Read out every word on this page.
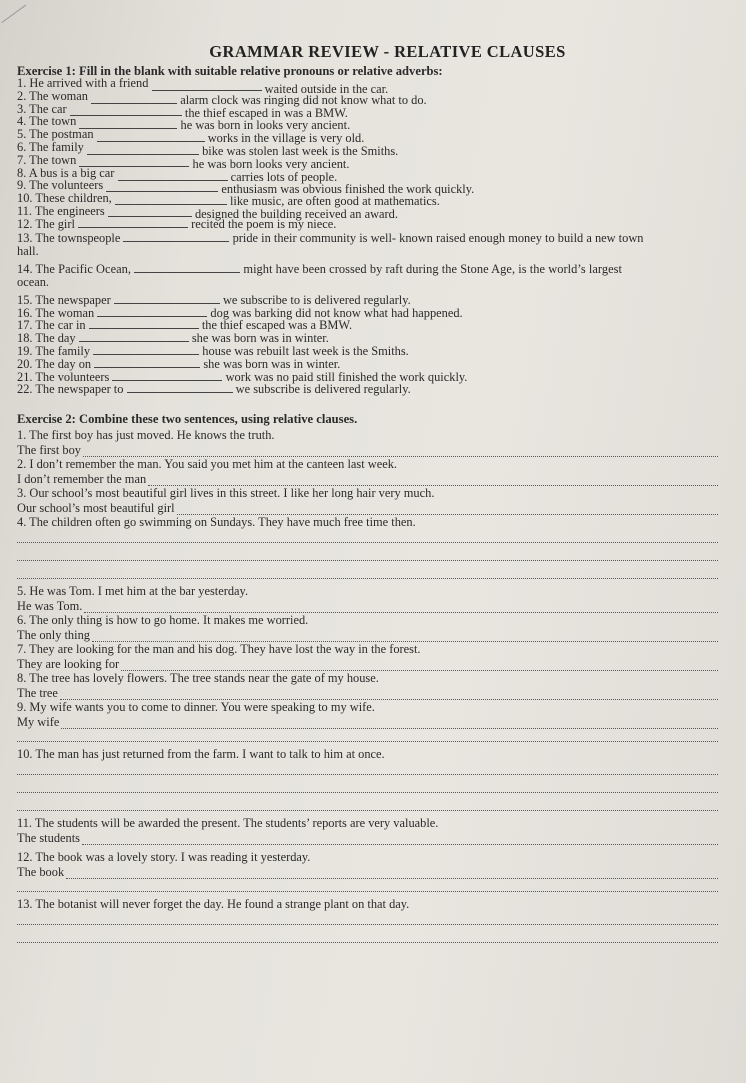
GRAMMAR REVIEW - RELATIVE CLAUSES

Exercise 1: Fill in the blank with suitable relative pronouns or relative adverbs:

1. He arrived with a friend	waited outside in the car.
2. The woman	alarm clock was ringing did not know what to do.
3. The car	the thief escaped in was a BMW.
4. The town	he was born in looks very ancient.
5. The postman	works in the village is very old.
6. The family	bike was stolen last week is the Smiths.
7. The town	he was born looks very ancient.
8. A bus is a big car	carries lots of people.
9. The volunteers	enthusiasm was obvious finished the work quickly.
10. These children,	like music, are often good at mathematics.
11. The engineers	designed the building received an award.
12. The girl	recited the poem is my niece.
13. The townspeople	pride in their community is well- known raised enough money to build a new town
hall.
14. The Pacific Ocean,	might have been crossed by raft during the Stone Age, is the world’s largest
ocean.
15. The newspaper	we subscribe to is delivered regularly.
16. The woman	dog was barking did not know what had happened.
17. The car in	the thief escaped was a BMW.
18. The day	she was born was in winter.
19. The family	house was rebuilt last week is the Smiths.
20. The day on	she was born was in winter.
21. The volunteers	work was no paid still finished the work quickly.
22. The newspaper to	we subscribe is delivered regularly.

Exercise 2: Combine these two sentences, using relative clauses.

1. The first boy has just moved. He knows the truth.

The first boy

2. I don’t remember the man. You said you met him at the canteen last week.

I don’t remember the man

3. Our school’s most beautiful girl lives in this street. I like her long hair very much.

Our school’s most beautiful girl

4. The children often go swimming on Sundays. They have much free time then.

5. He was Tom. I met him at the bar yesterday.

He was Tom.

6. The only thing is how to go home. It makes me worried.

The only thing

7. They are looking for the man and his dog. They have lost the way in the forest.

They are looking for

8. The tree has lovely flowers. The tree stands near the gate of my house.

The tree

9. My wife wants you to come to dinner. You were speaking to my wife.

My wife

10. The man has just returned from the farm. I want to talk to him at once.

11. The students will be awarded the present. The students’ reports are very valuable.

The students

12. The book was a lovely story. I was reading it yesterday.

The book

13. The botanist will never forget the day. He found a strange plant on that day.
